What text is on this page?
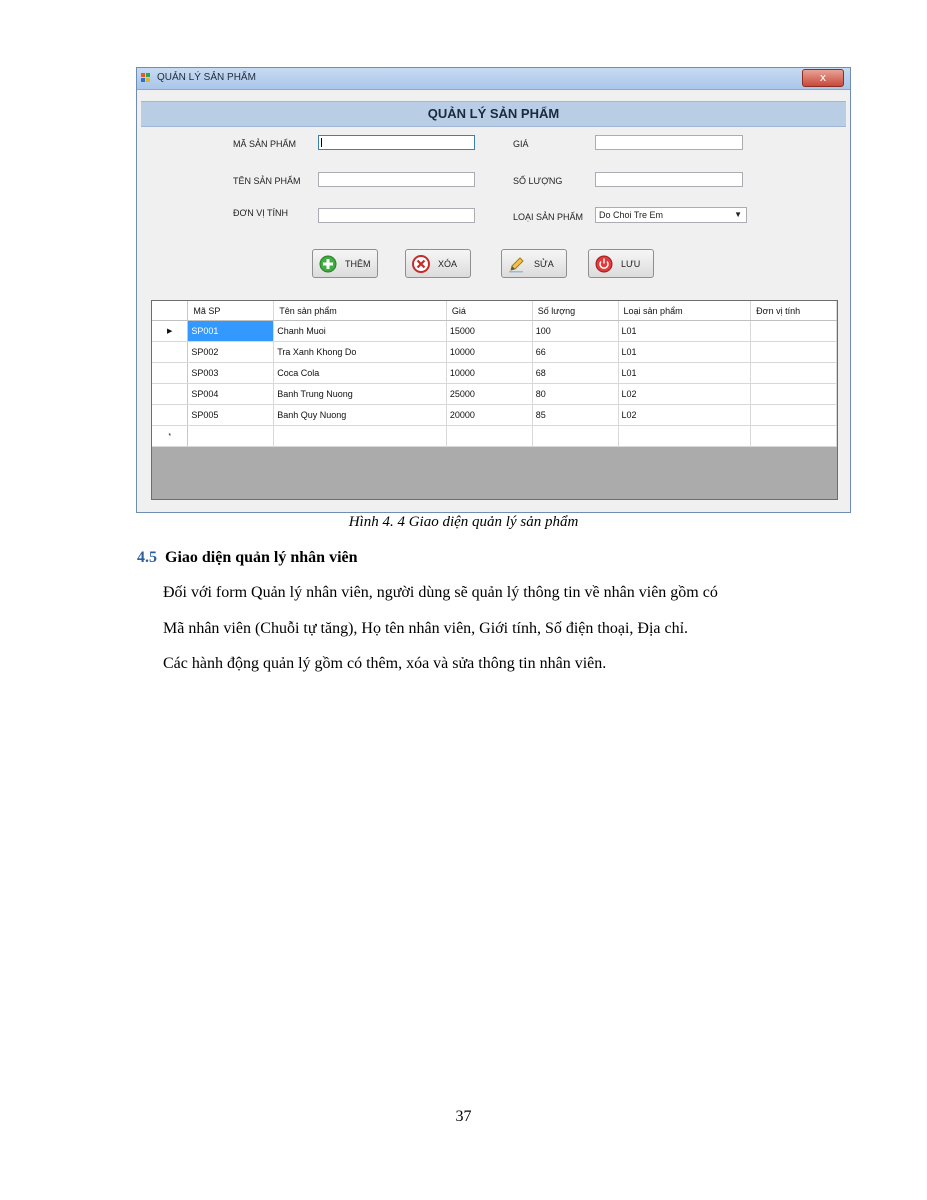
QUẢN LÝ SẢN PHẨM	x
QUẢN LÝ SẢN PHẨM
MÃ SẢN PHẨM
TÊN SẢN PHẨM
ĐƠN VỊ TÍNH
GIÁ
SỐ LƯỢNG
LOẠI SẢN PHẨM	Do Choi Tre Em	▼
THÊM	XÓA	SỬA	LƯU
	Mã SP	Tên sản phẩm	Giá	Số lượng	Loại sản phẩm	Đơn vị tính
▶	SP001	Chanh Muoi	15000	100	L01	
	SP002	Tra Xanh Khong Do	10000	66	L01	
	SP003	Coca Cola	10000	68	L01	
	SP004	Banh Trung Nuong	25000	80	L02	
	SP005	Banh Quy Nuong	20000	85	L02	
*						
Hình 4. 4 Giao diện quản lý sản phẩm
4.5 Giao diện quản lý nhân viên
Đối với form Quản lý nhân viên, người dùng sẽ quản lý thông tin về nhân viên gồm có
Mã nhân viên (Chuỗi tự tăng), Họ tên nhân viên, Giới tính, Số điện thoại, Địa chỉ.
Các hành động quản lý gồm có thêm, xóa và sửa thông tin nhân viên.
37
